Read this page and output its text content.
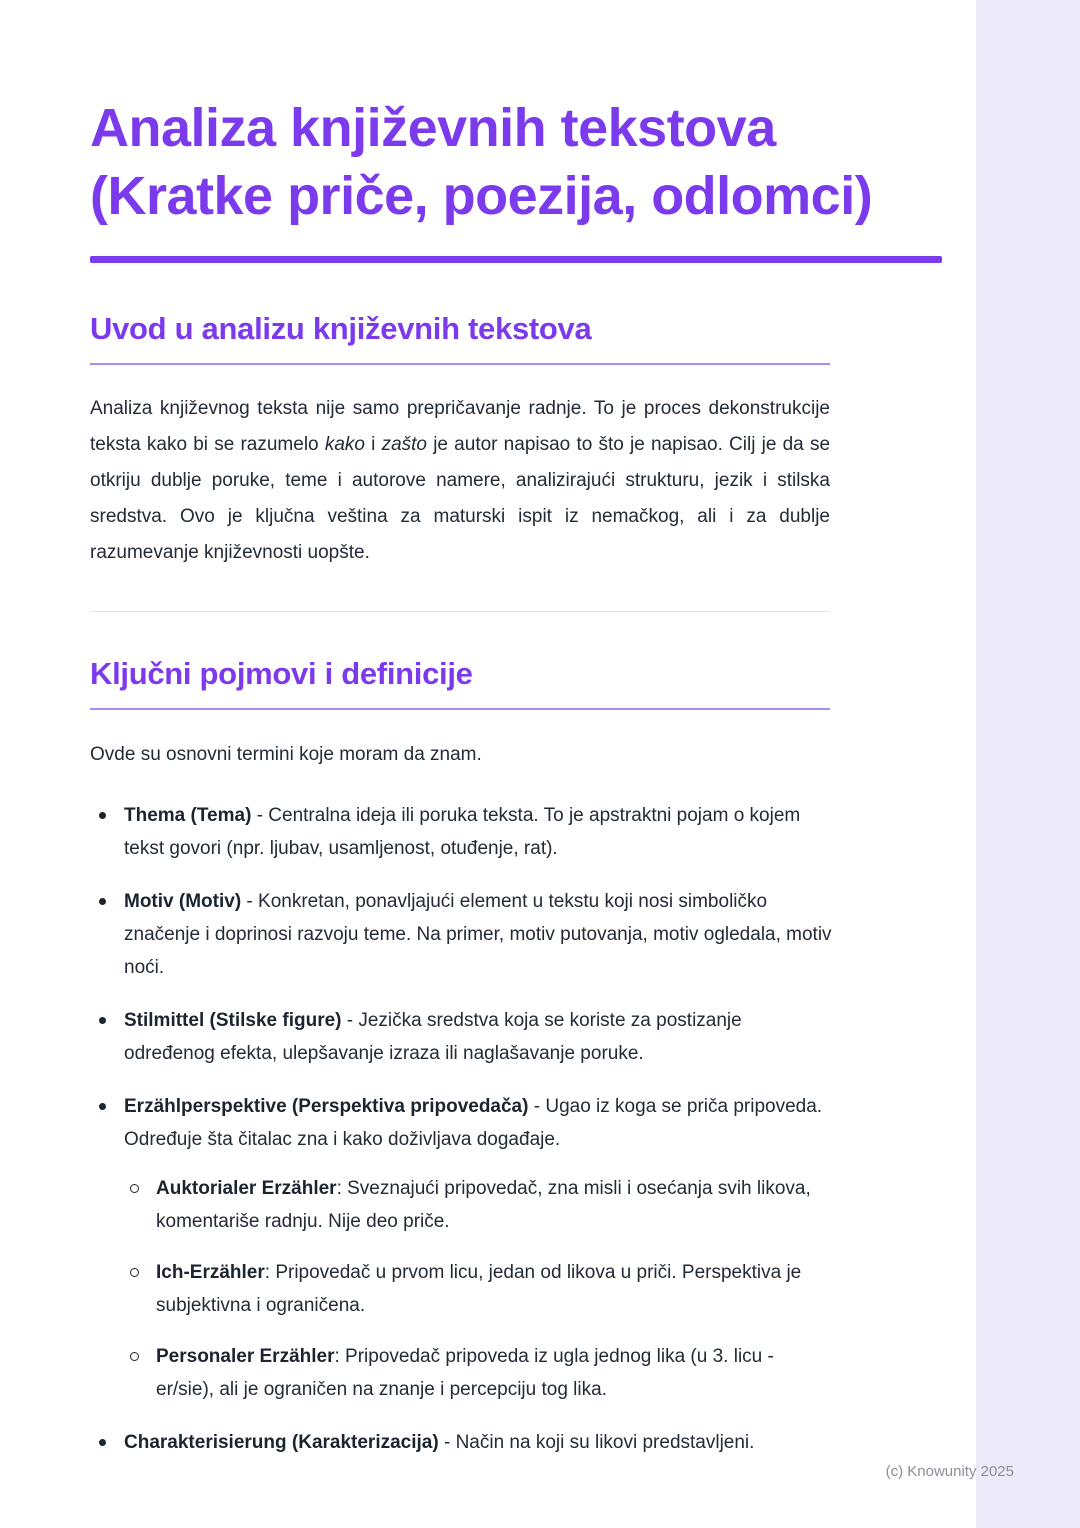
Analiza književnih tekstova (Kratke priče, poezija, odlomci)
Uvod u analizu književnih tekstova

Analiza književnog teksta nije samo prepričavanje radnje. To je proces dekonstrukcije teksta kako bi se razumelo kako i zašto je autor napisao to što je napisao. Cilj je da se otkriju dublje poruke, teme i autorove namere, analizirajući strukturu, jezik i stilska sredstva. Ovo je ključna veština za maturski ispit iz nemačkog, ali i za dublje razumevanje književnosti uopšte.

Ključni pojmovi i definicije

Ovde su osnovni termini koje moram da znam.

Thema (Tema) - Centralna ideja ili poruka teksta. To je apstraktni pojam o kojem tekst govori (npr. ljubav, usamljenost, otuđenje, rat).
Motiv (Motiv) - Konkretan, ponavljajući element u tekstu koji nosi simboličko značenje i doprinosi razvoju teme. Na primer, motiv putovanja, motiv ogledala, motiv noći.
Stilmittel (Stilske figure) - Jezička sredstva koja se koriste za postizanje određenog efekta, ulepšavanje izraza ili naglašavanje poruke.
Erzählperspektive (Perspektiva pripovedača) - Ugao iz koga se priča pripoveda. Određuje šta čitalac zna i kako doživljava događaje.
Auktorialer Erzähler: Sveznajući pripovedač, zna misli i osećanja svih likova, komentariše radnju. Nije deo priče.
Ich-Erzähler: Pripovedač u prvom licu, jedan od likova u priči. Perspektiva je subjektivna i ograničena.
Personaler Erzähler: Pripovedač pripoveda iz ugla jednog lika (u 3. licu - er/sie), ali je ograničen na znanje i percepciju tog lika.
Charakterisierung (Karakterizacija) - Način na koji su likovi predstavljeni.
(c) Knowunity 2025
